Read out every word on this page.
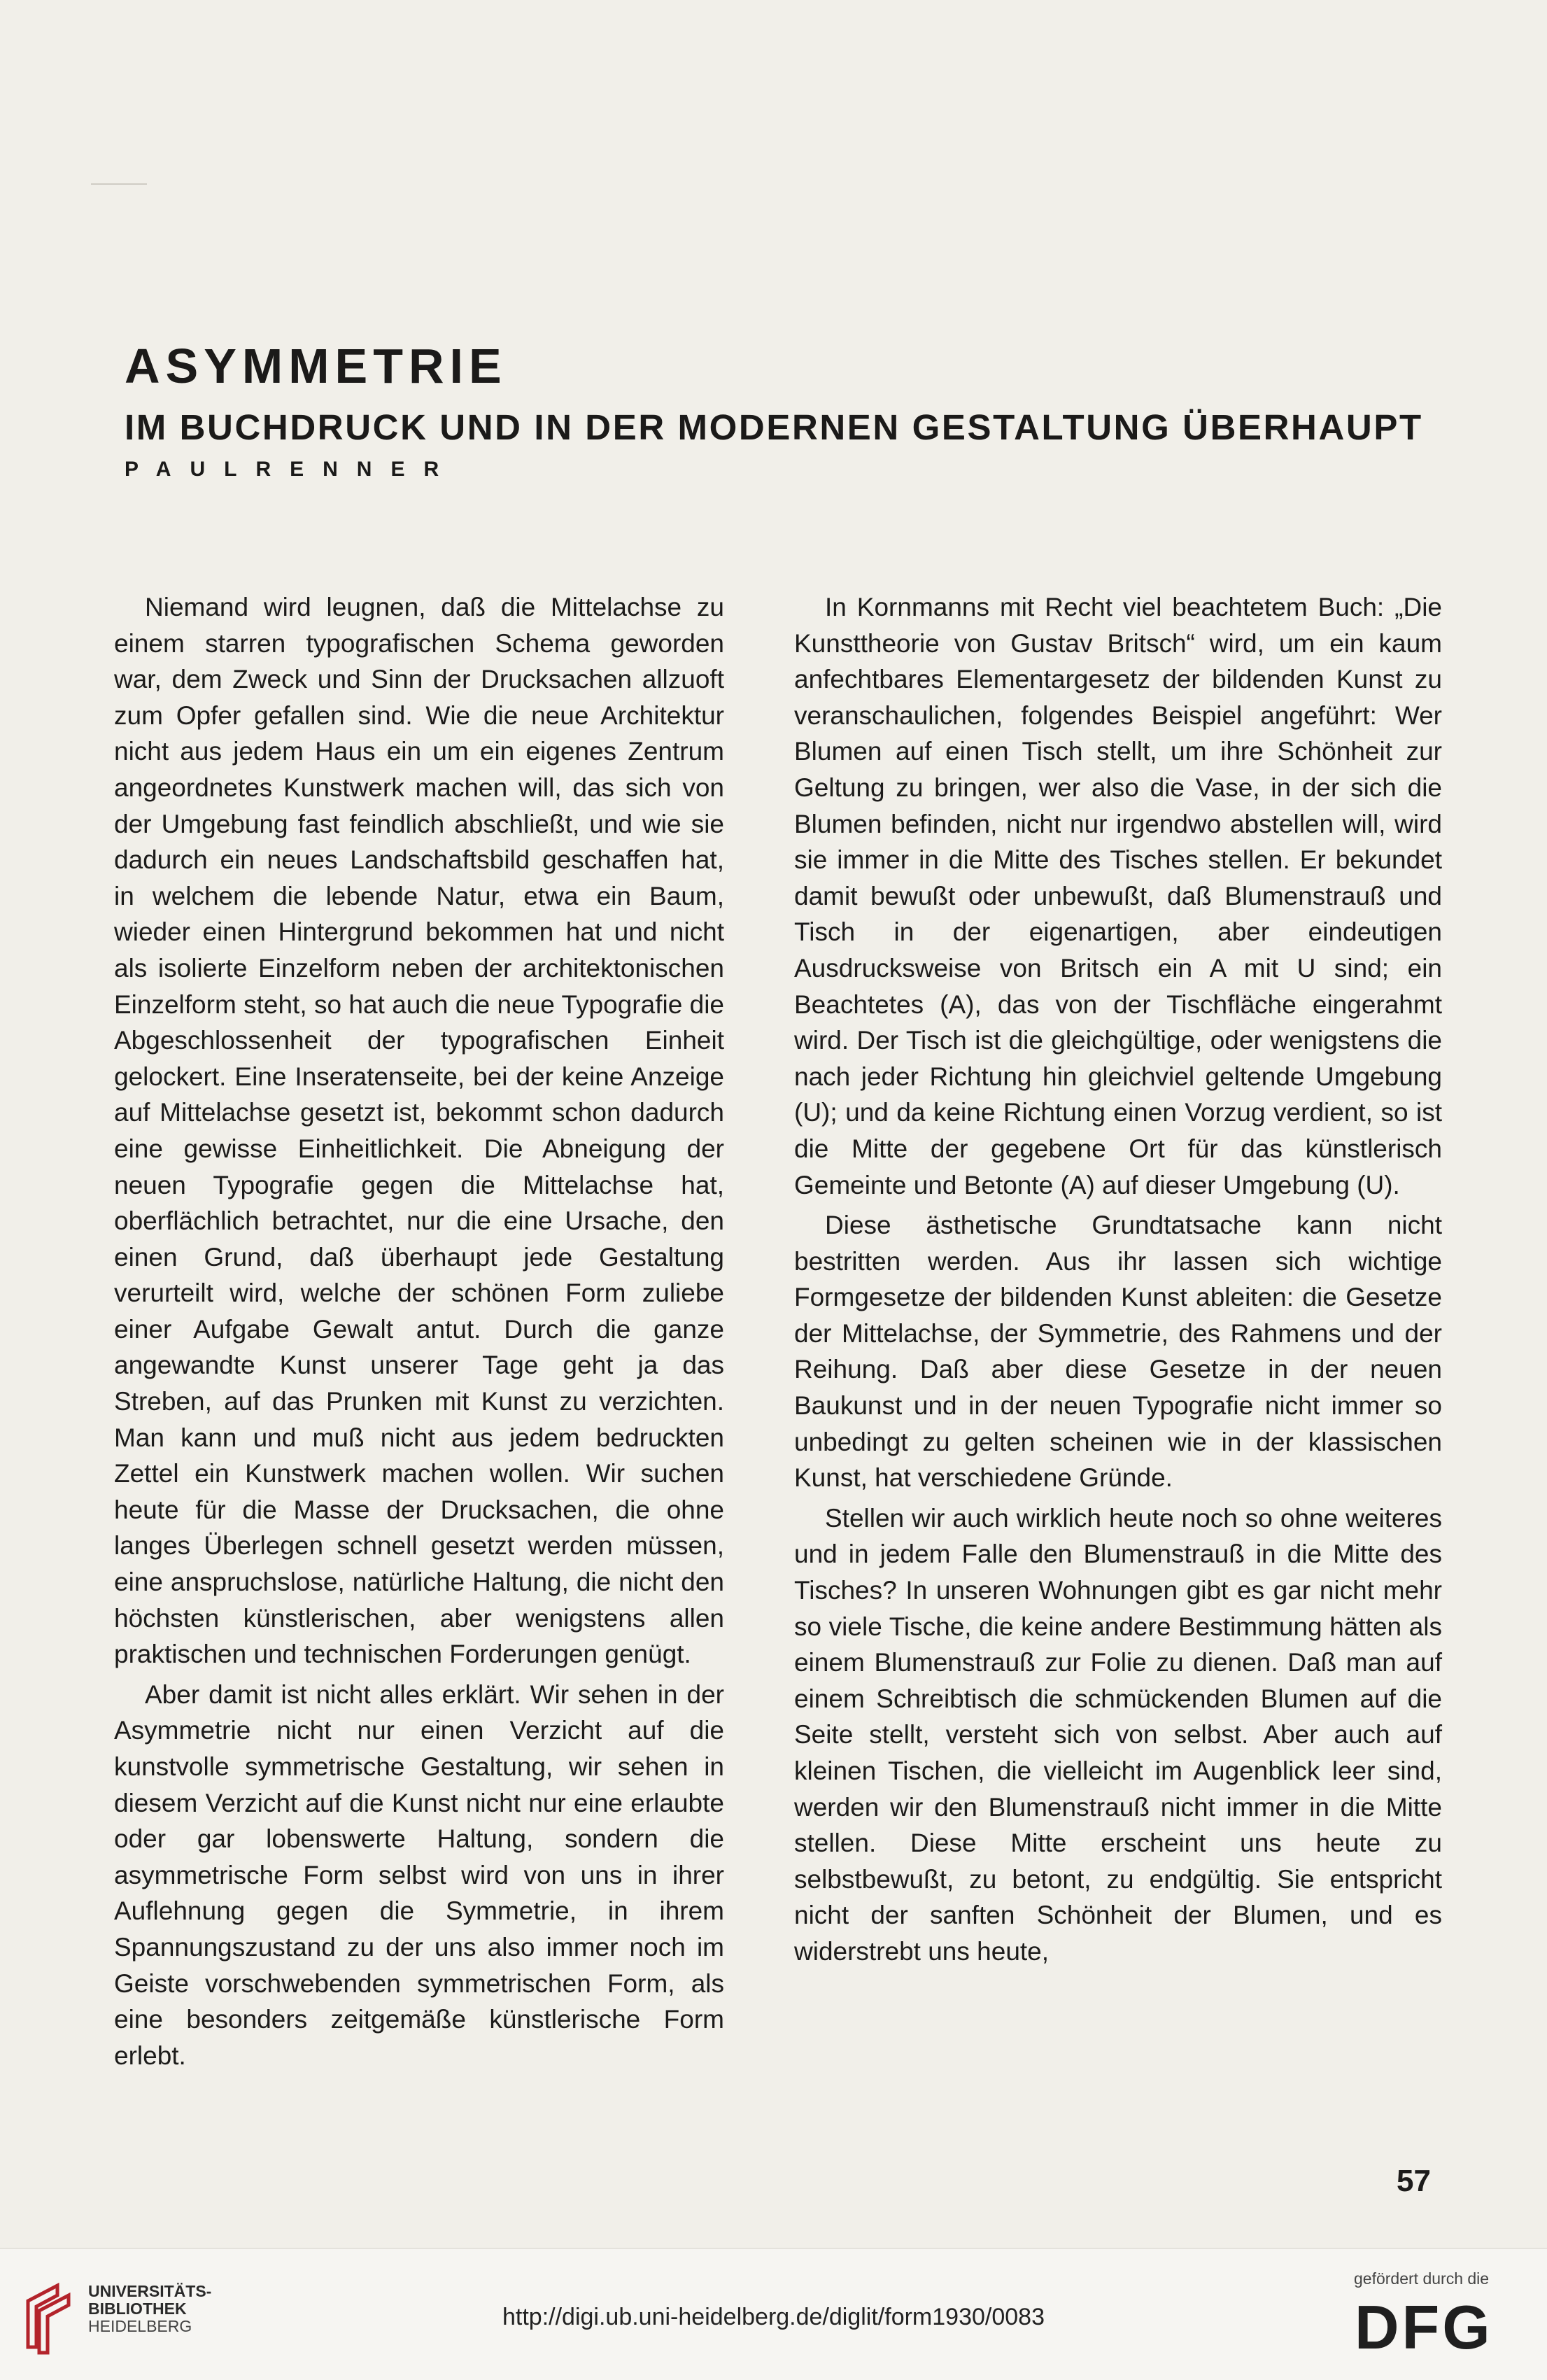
ASYMMETRIE
IM BUCHDRUCK UND IN DER MODERNEN GESTALTUNG ÜBERHAUPT
PAULRENNER

Niemand wird leugnen, daß die Mittelachse zu einem starren typografischen Schema geworden war, dem Zweck und Sinn der Drucksachen allzuoft zum Opfer gefallen sind. Wie die neue Architektur nicht aus jedem Haus ein um ein eigenes Zentrum angeordnetes Kunstwerk machen will, das sich von der Umgebung fast feindlich abschließt, und wie sie dadurch ein neues Landschaftsbild geschaffen hat, in welchem die lebende Natur, etwa ein Baum, wieder einen Hintergrund bekommen hat und nicht als isolierte Einzelform neben der architektonischen Einzelform steht, so hat auch die neue Typografie die Abgeschlossenheit der typografischen Einheit gelockert. Eine Inseratenseite, bei der keine Anzeige auf Mittelachse gesetzt ist, bekommt schon dadurch eine gewisse Einheitlichkeit. Die Abneigung der neuen Typografie gegen die Mittelachse hat, oberflächlich betrachtet, nur die eine Ursache, den einen Grund, daß überhaupt jede Gestaltung verurteilt wird, welche der schönen Form zuliebe einer Aufgabe Gewalt antut. Durch die ganze angewandte Kunst unserer Tage geht ja das Streben, auf das Prunken mit Kunst zu verzichten. Man kann und muß nicht aus jedem bedruckten Zettel ein Kunstwerk machen wollen. Wir suchen heute für die Masse der Drucksachen, die ohne langes Überlegen schnell gesetzt werden müssen, eine anspruchslose, natürliche Haltung, die nicht den höchsten künstlerischen, aber wenigstens allen praktischen und technischen Forderungen genügt.

Aber damit ist nicht alles erklärt. Wir sehen in der Asymmetrie nicht nur einen Verzicht auf die kunstvolle symmetrische Gestaltung, wir sehen in diesem Verzicht auf die Kunst nicht nur eine erlaubte oder gar lobenswerte Haltung, sondern die asymmetrische Form selbst wird von uns in ihrer Auflehnung gegen die Symmetrie, in ihrem Spannungszustand zu der uns also immer noch im Geiste vorschwebenden symmetrischen Form, als eine besonders zeitgemäße künstlerische Form erlebt.

In Kornmanns mit Recht viel beachtetem Buch: „Die Kunsttheorie von Gustav Britsch“ wird, um ein kaum anfechtbares Elementargesetz der bildenden Kunst zu veranschaulichen, folgendes Beispiel angeführt: Wer Blumen auf einen Tisch stellt, um ihre Schönheit zur Geltung zu bringen, wer also die Vase, in der sich die Blumen befinden, nicht nur irgendwo abstellen will, wird sie immer in die Mitte des Tisches stellen. Er bekundet damit bewußt oder unbewußt, daß Blumenstrauß und Tisch in der eigenartigen, aber eindeutigen Ausdrucksweise von Britsch ein A mit U sind; ein Beachtetes (A), das von der Tischfläche eingerahmt wird. Der Tisch ist die gleichgültige, oder wenigstens die nach jeder Richtung hin gleichviel geltende Umgebung (U); und da keine Richtung einen Vorzug verdient, so ist die Mitte der gegebene Ort für das künstlerisch Gemeinte und Betonte (A) auf dieser Umgebung (U).

Diese ästhetische Grundtatsache kann nicht bestritten werden. Aus ihr lassen sich wichtige Formgesetze der bildenden Kunst ableiten: die Gesetze der Mittelachse, der Symmetrie, des Rahmens und der Reihung. Daß aber diese Gesetze in der neuen Baukunst und in der neuen Typografie nicht immer so unbedingt zu gelten scheinen wie in der klassischen Kunst, hat verschiedene Gründe.

Stellen wir auch wirklich heute noch so ohne weiteres und in jedem Falle den Blumenstrauß in die Mitte des Tisches? In unseren Wohnungen gibt es gar nicht mehr so viele Tische, die keine andere Bestimmung hätten als einem Blumenstrauß zur Folie zu dienen. Daß man auf einem Schreibtisch die schmückenden Blumen auf die Seite stellt, versteht sich von selbst. Aber auch auf kleinen Tischen, die vielleicht im Augenblick leer sind, werden wir den Blumenstrauß nicht immer in die Mitte stellen. Diese Mitte erscheint uns heute zu selbstbewußt, zu betont, zu endgültig. Sie entspricht nicht der sanften Schönheit der Blumen, und es widerstrebt uns heute,

57
UNIVERSITÄTS-
BIBLIOTHEK
HEIDELBERG	http://digi.ub.uni-heidelberg.de/diglit/form1930/0083
gefördert durch die
DFG
